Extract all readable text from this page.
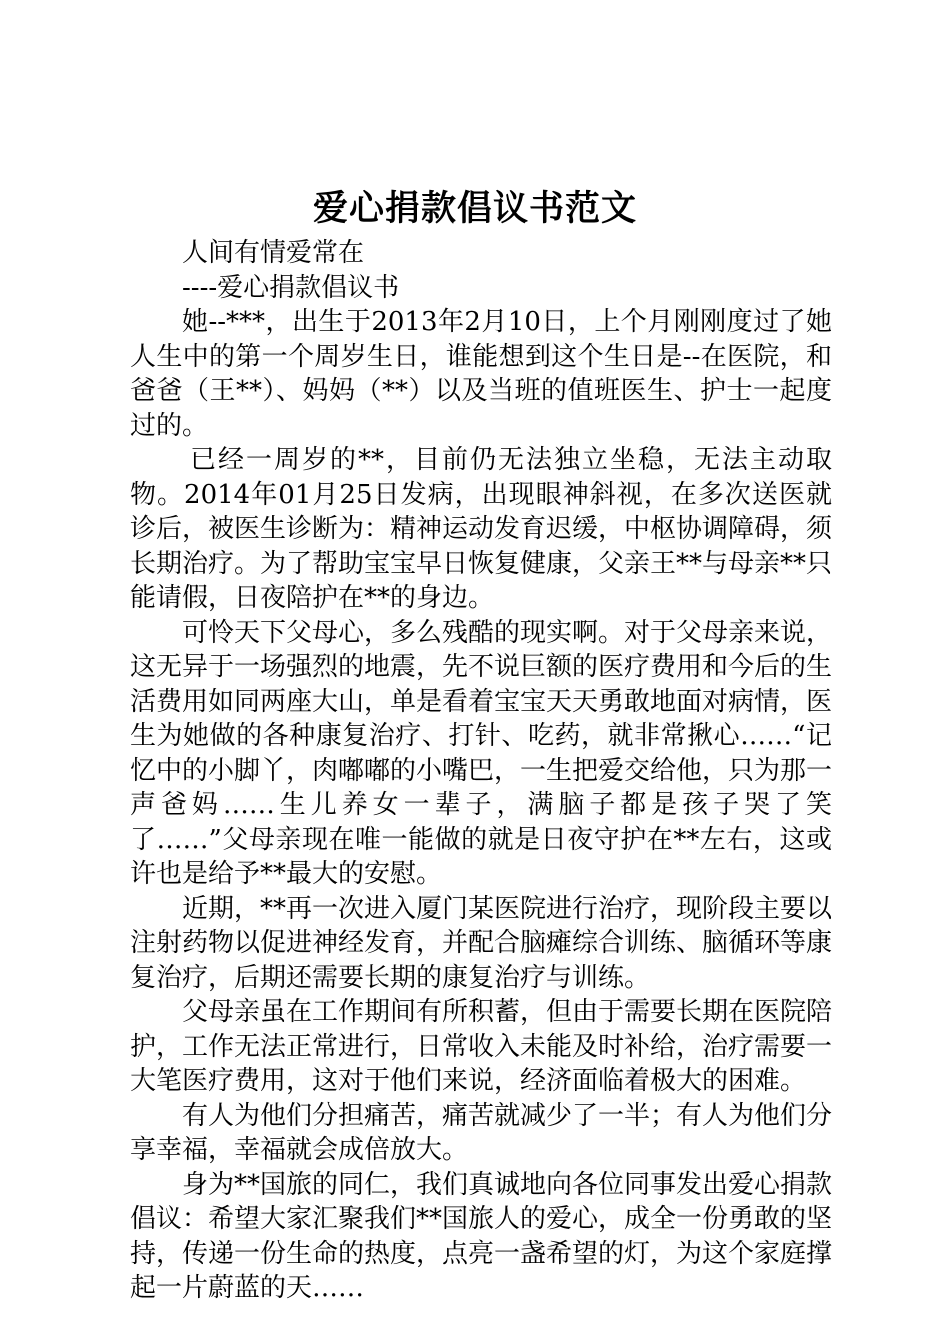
爱心捐款倡议书范文

人间有情爱常在

----爱心捐款倡议书

她--***，出生于2013年2月10日，上个月刚刚度过了她人生中的第一个周岁生日，谁能想到这个生日是--在医院，和爸爸（王**）、妈妈（**）以及当班的值班医生、护士一起度过的。

已经一周岁的**，目前仍无法独立坐稳，无法主动取物。2014年01月25日发病，出现眼神斜视，在多次送医就诊后，被医生诊断为：精神运动发育迟缓，中枢协调障碍，须长期治疗。为了帮助宝宝早日恢复健康，父亲王**与母亲**只能请假，日夜陪护在**的身边。

可怜天下父母心，多么残酷的现实啊。对于父母亲来说，这无异于一场强烈的地震，先不说巨额的医疗费用和今后的生活费用如同两座大山，单是看着宝宝天天勇敢地面对病情，医生为她做的各种康复治疗、打针、吃药，就非常揪心……“记忆中的小脚丫，肉嘟嘟的小嘴巴，一生把爱交给他，只为那一声爸妈……生儿养女一辈子，满脑子都是孩子哭了笑了……”父母亲现在唯一能做的就是日夜守护在**左右，这或许也是给予**最大的安慰。

近期，**再一次进入厦门某医院进行治疗，现阶段主要以注射药物以促进神经发育，并配合脑瘫综合训练、脑循环等康复治疗，后期还需要长期的康复治疗与训练。

父母亲虽在工作期间有所积蓄，但由于需要长期在医院陪护，工作无法正常进行，日常收入未能及时补给，治疗需要一大笔医疗费用，这对于他们来说，经济面临着极大的困难。

有人为他们分担痛苦，痛苦就减少了一半；有人为他们分享幸福，幸福就会成倍放大。

身为**国旅的同仁，我们真诚地向各位同事发出爱心捐款倡议：希望大家汇聚我们**国旅人的爱心，成全一份勇敢的坚持，传递一份生命的热度，点亮一盏希望的灯，为这个家庭撑起一片蔚蓝的天……
